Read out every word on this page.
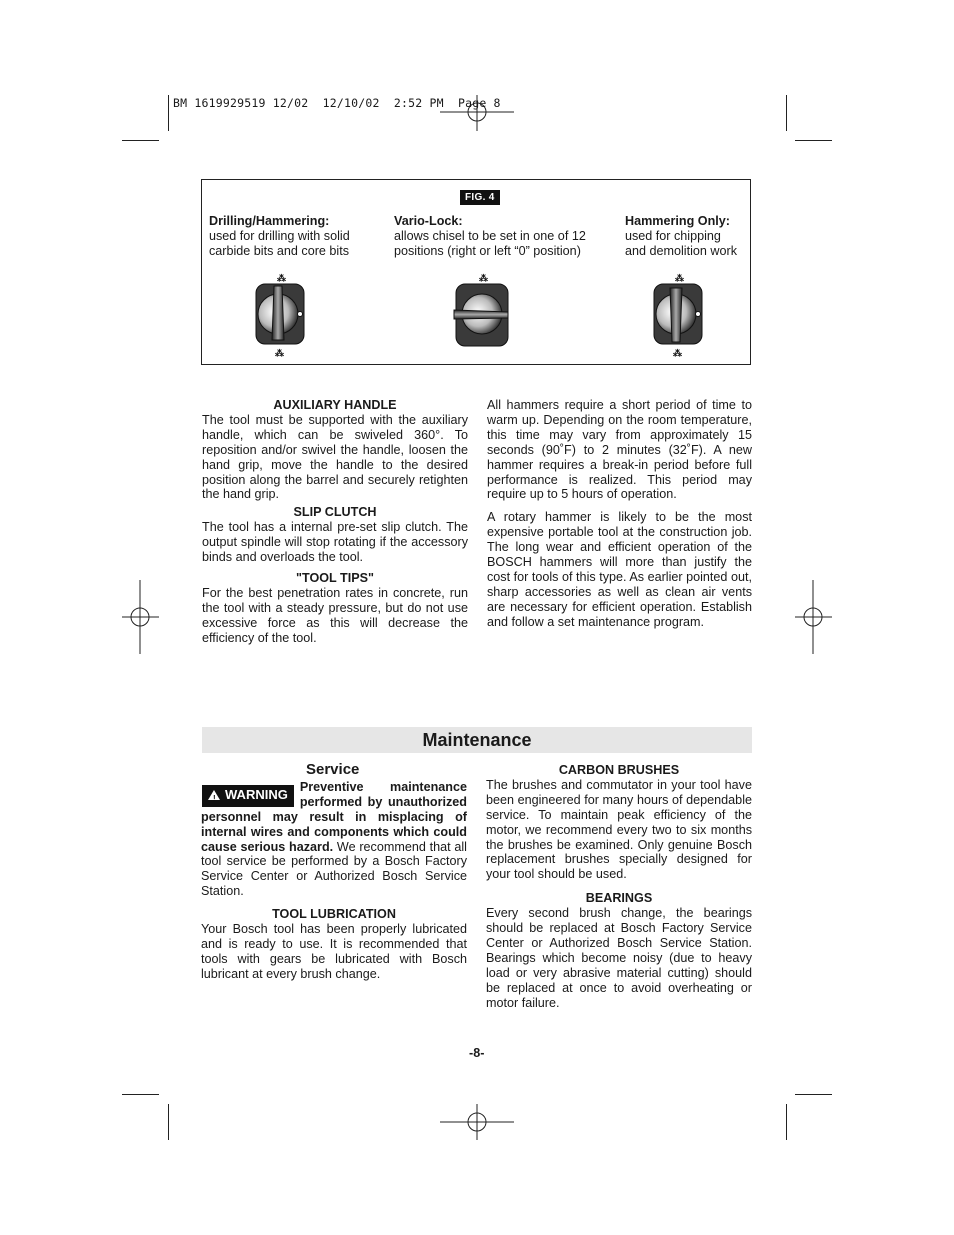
BM 1619929519 12/02  12/10/02  2:52 PM  Page 8
FIG. 4
Drilling/Hammering:
used for drilling with solid
carbide bits and core bits
Vario-Lock:
allows chisel to be set in one of 12
positions (right or left “0” position)
Hammering Only:
used for chipping
and demolition work
⁂
⁂
⁂	⁂
⁂
AUXILIARY HANDLE

The tool must be supported with the auxiliary handle, which can be swiveled 360°. To reposition and/or swivel the handle, loosen the hand grip, move the handle to the desired position along the barrel and securely retighten the hand grip.

SLIP CLUTCH

The tool has a internal pre-set slip clutch. The output spindle will stop rotating if the accessory binds and overloads the tool.

"TOOL TIPS"

For the best penetration rates in concrete, run the tool with a steady pressure, but do not use excessive force as this will decrease the efficiency of the tool.

All hammers require a short period of time to warm up. Depending on the room temperature, this time may vary from approximately 15 seconds (90˚F) to 2 minutes (32˚F). A new hammer requires a break-in period before full performance is realized. This period may require up to 5 hours of operation.

A rotary hammer is likely to be the most expensive portable tool at the construction job. The long wear and efficient operation of the BOSCH hammers will more than justify the cost for tools of this type. As earlier pointed out, sharp accessories as well as clean air vents are necessary for efficient operation. Establish and follow a set maintenance program.

Maintenance
Service

! WARNING Preventive maintenance performed by unauthorized personnel may result in misplacing of internal wires and components which could cause serious hazard. We recommend that all tool service be performed by a Bosch Factory Service Center or Authorized Bosch Service Station.

TOOL LUBRICATION

Your Bosch tool has been properly lubricated and is ready to use. It is recommended that tools with gears be lubricated with Bosch lubricant at every brush change.

CARBON BRUSHES

The brushes and commutator in your tool have been engineered for many hours of dependable service. To maintain peak efficiency of the motor, we recommend every two to six months the brushes be examined. Only genuine Bosch replacement brushes specially designed for your tool should be used.

BEARINGS

Every second brush change, the bearings should be replaced at Bosch Factory Service Center or Authorized Bosch Service Station. Bearings which become noisy (due to heavy load or very abrasive material cutting) should be replaced at once to avoid overheating or motor failure.

-8-
